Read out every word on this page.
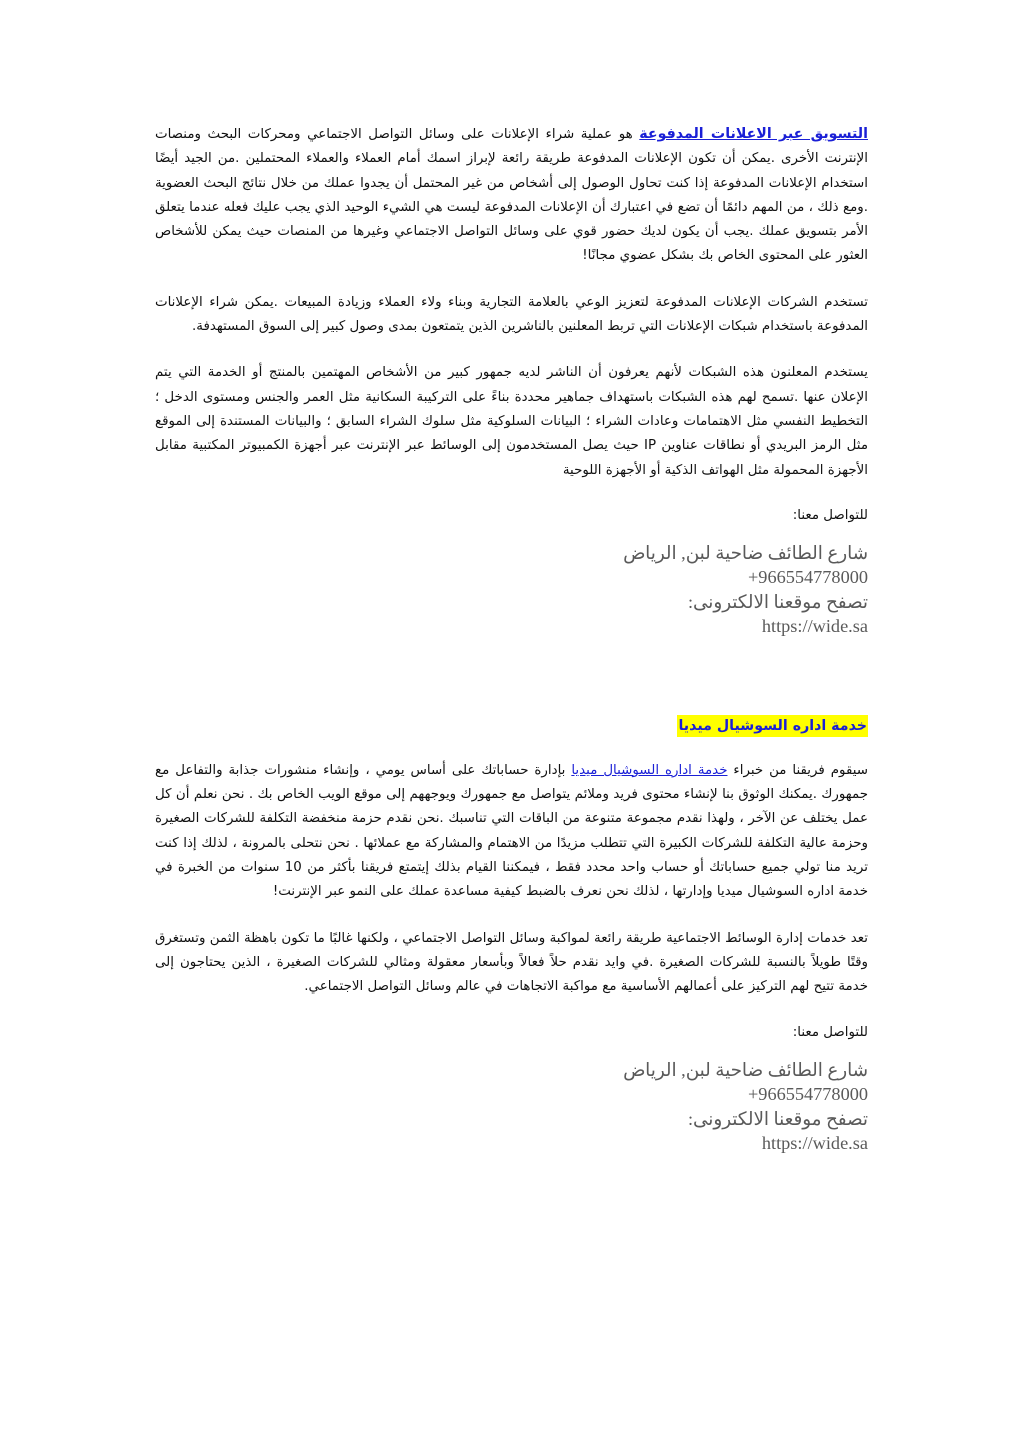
التسويق عبر الاعلانات المدفوعة هو عملية شراء الإعلانات على وسائل التواصل الاجتماعي ومحركات البحث ومنصات الإنترنت الأخرى .يمكن أن تكون الإعلانات المدفوعة طريقة رائعة لإبراز اسمك أمام العملاء والعملاء المحتملين .من الجيد أيضًا استخدام الإعلانات المدفوعة إذا كنت تحاول الوصول إلى أشخاص من غير المحتمل أن يجدوا عملك من خلال نتائج البحث العضوية .ومع ذلك ، من المهم دائمًا أن تضع في اعتبارك أن الإعلانات المدفوعة ليست هي الشيء الوحيد الذي يجب عليك فعله عندما يتعلق الأمر بتسويق عملك .يجب أن يكون لديك حضور قوي على وسائل التواصل الاجتماعي وغيرها من المنصات حيث يمكن للأشخاص العثور على المحتوى الخاص بك بشكل عضوي مجانًا!

تستخدم الشركات الإعلانات المدفوعة لتعزيز الوعي بالعلامة التجارية وبناء ولاء العملاء وزيادة المبيعات .يمكن شراء الإعلانات المدفوعة باستخدام شبكات الإعلانات التي تربط المعلنين بالناشرين الذين يتمتعون بمدى وصول كبير إلى السوق المستهدفة.

يستخدم المعلنون هذه الشبكات لأنهم يعرفون أن الناشر لديه جمهور كبير من الأشخاص المهتمين بالمنتج أو الخدمة التي يتم الإعلان عنها .تسمح لهم هذه الشبكات باستهداف جماهير محددة بناءً على التركيبة السكانية مثل العمر والجنس ومستوى الدخل ؛ التخطيط النفسي مثل الاهتمامات وعادات الشراء ؛ البيانات السلوكية مثل سلوك الشراء السابق ؛ والبيانات المستندة إلى الموقع مثل الرمز البريدي أو نطاقات عناوين IP حيث يصل المستخدمون إلى الوسائط عبر الإنترنت عبر أجهزة الكمبيوتر المكتبية مقابل الأجهزة المحمولة مثل الهواتف الذكية أو الأجهزة اللوحية

للتواصل معنا:

شارع الطائف ضاحية لبن, الرياض
+966554778000
تصفح موقعنا الالكترونى:
https://wide.sa
خدمة اداره السوشيال ميديا

سيقوم فريقنا من خبراء خدمة اداره السوشيال ميديا بإدارة حساباتك على أساس يومي ، وإنشاء منشورات جذابة والتفاعل مع جمهورك .يمكنك الوثوق بنا لإنشاء محتوى فريد وملائم يتواصل مع جمهورك ويوجههم إلى موقع الويب الخاص بك . نحن نعلم أن كل عمل يختلف عن الآخر ، ولهذا نقدم مجموعة متنوعة من الباقات التي تناسبك .نحن نقدم حزمة منخفضة التكلفة للشركات الصغيرة وحزمة عالية التكلفة للشركات الكبيرة التي تتطلب مزيدًا من الاهتمام والمشاركة مع عملائها . نحن نتحلى بالمرونة ، لذلك إذا كنت تريد منا تولي جميع حساباتك أو حساب واحد محدد فقط ، فيمكننا القيام بذلك إيتمتع فريقنا بأكثر من 10 سنوات من الخبرة في خدمة اداره السوشيال ميديا وإدارتها ، لذلك نحن نعرف بالضبط كيفية مساعدة عملك على النمو عبر الإنترنت!

تعد خدمات إدارة الوسائط الاجتماعية طريقة رائعة لمواكبة وسائل التواصل الاجتماعي ، ولكنها غالبًا ما تكون باهظة الثمن وتستغرق وقتًا طويلاً بالنسبة للشركات الصغيرة .في وايد نقدم حلاً فعالاً وبأسعار معقولة ومثالي للشركات الصغيرة ، الذين يحتاجون إلى خدمة تتيح لهم التركيز على أعمالهم الأساسية مع مواكبة الاتجاهات في عالم وسائل التواصل الاجتماعي.

للتواصل معنا:

شارع الطائف ضاحية لبن, الرياض
+966554778000
تصفح موقعنا الالكترونى:
https://wide.sa
